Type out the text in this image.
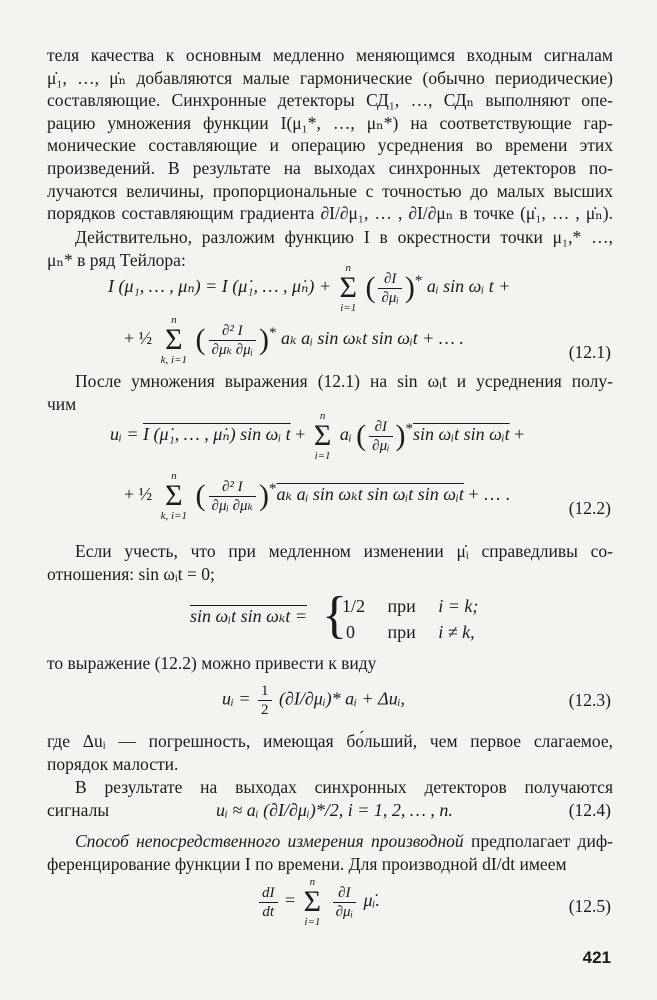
теля качества к основным медленно меняющимся входным сигналам
μ̇₁, …, μ̇ₙ добавляются малые гармонические (обычно периодические)
составляющие. Синхронные детекторы СД₁, …, СДₙ выполняют опе-
рацию умножения функции I(μ₁*, …, μₙ*) на соответствующие гар-
монические составляющие и операцию усреднения во времени этих
произведений. В результате на выходах синхронных детекторов по-
лучаются величины, пропорциональные с точностью до малых высших
порядков составляющим градиента ∂I/∂μ₁, … , ∂I/∂μₙ в точке (μ̇₁, … , μ̇ₙ).
Действительно, разложим функцию I в окрестности точки μ₁,* …,
μₙ* в ряд Тейлора:
I (μ₁, … , μₙ) = I (μ̇₁, … , μ̇ₙ) +
n
Σ
i=1
( $\frac{\partial I}{\text{∂μᵢ}} )^*$ aᵢ sin ωᵢ t +
+ ½
n
Σ
k, i=1
( $\frac{\text{∂² I}}{\text{∂μₖ ∂μᵢ}} )^*$ aₖ aᵢ sin ωₖt sin ωᵢt + … .
(12.1)
После умножения выражения (12.1) на sin ωᵢt и усреднения полу-
чим
uᵢ = I (μ̇₁, … , μ̇ₙ) sin ωᵢ t +
n
Σ
i=1
aᵢ ( $\frac{\partial I}{\text{∂μᵢ}} )^*\sin$ ωᵢt sin ωᵢt +
+ ½
n
Σ
k, i=1
( $\frac{\text{∂² I}}{\text{∂μᵢ ∂μₖ}} )^*a_k$ aᵢ sin ωₖt sin ωᵢt sin ωᵢt + … .
(12.2)
Если учесть, что при медленном изменении μ̇ᵢ справедливы со-
отношения: sin ωᵢt = 0;
sin ωᵢt sin ωₖt = {
1/2 при i = k;
0 при i ≠ k,
то выражение (12.2) можно привести к виду
uᵢ = $\frac{1}{2}$ (∂I/∂μᵢ)* aᵢ + Δuᵢ,	(12.3)
где Δuᵢ — погрешность, имеющая бо́льший, чем первое слагаемое,
порядок малости.
В результате на выходах синхронных детекторов получаются
сигналы	uᵢ ≈ aᵢ (∂I/∂μᵢ)*/2, i = 1, 2, … , n.	(12.4)
Способ непосредственного измерения производной предполагает диф-
ференцирование функции I по времени. Для производной dI/dt имеем
$\frac{dI}{dt}$ =
n
Σ
i=1

$\frac{\partial I}{\text{∂μᵢ}}$ μ̇ᵢ.	(12.5)
421
